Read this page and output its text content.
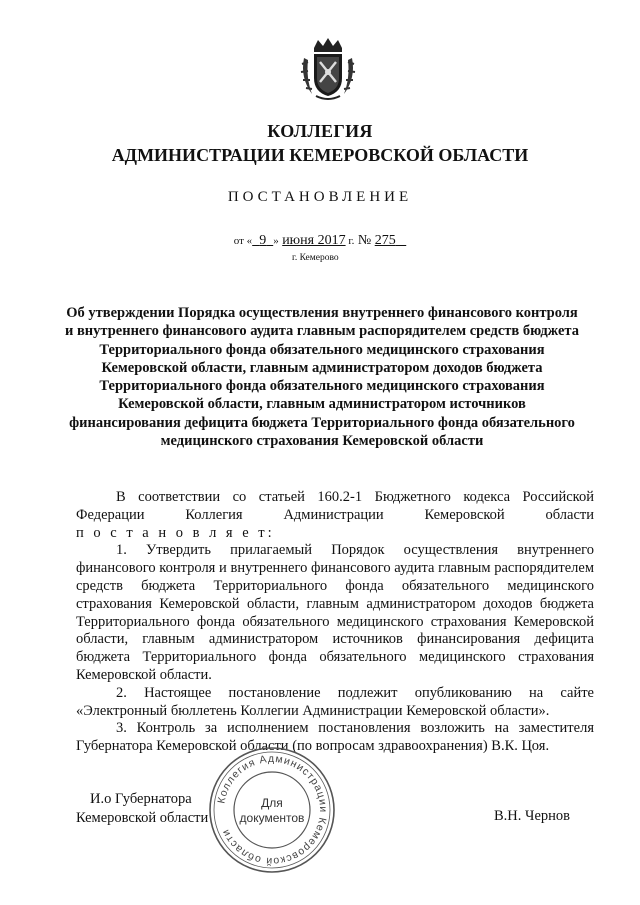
КОЛЛЕГИЯ
АДМИНИСТРАЦИИ КЕМЕРОВСКОЙ ОБЛАСТИ
ПОСТАНОВЛЕНИЕ
от « 9 » июня 2017 г. № 275
г. Кемерово
Об утверждении Порядка осуществления внутреннего финансового контроля и внутреннего финансового аудита главным распорядителем средств бюджета Территориального фонда обязательного медицинского страхования Кемеровской области, главным администратором доходов бюджета Территориального фонда обязательного медицинского страхования Кемеровской области, главным администратором источников финансирования дефицита бюджета Территориального фонда обязательного медицинского страхования Кемеровской области

В соответствии со статьей 160.2-1 Бюджетного кодекса Российской Федерации Коллегия Администрации Кемеровской области

п о с т а н о в л я е т:

1. Утвердить прилагаемый Порядок осуществления внутреннего финансового контроля и внутреннего финансового аудита главным распорядителем средств бюджета Территориального фонда обязательного медицинского страхования Кемеровской области, главным администратором доходов бюджета Территориального фонда обязательного медицинского страхования Кемеровской области, главным администратором источников финансирования дефицита бюджета Территориального фонда обязательного медицинского страхования Кемеровской области.

2. Настоящее постановление подлежит опубликованию на сайте «Электронный бюллетень Коллегии Администрации Кемеровской области».

3. Контроль за исполнением постановления возложить на заместителя Губернатора Кемеровской области (по вопросам здравоохранения) В.К. Цоя.

И.о Губернатора
Кемеровской области	В.Н. Чернов
Коллегия Администрации Кемеровской области
Для
документов
